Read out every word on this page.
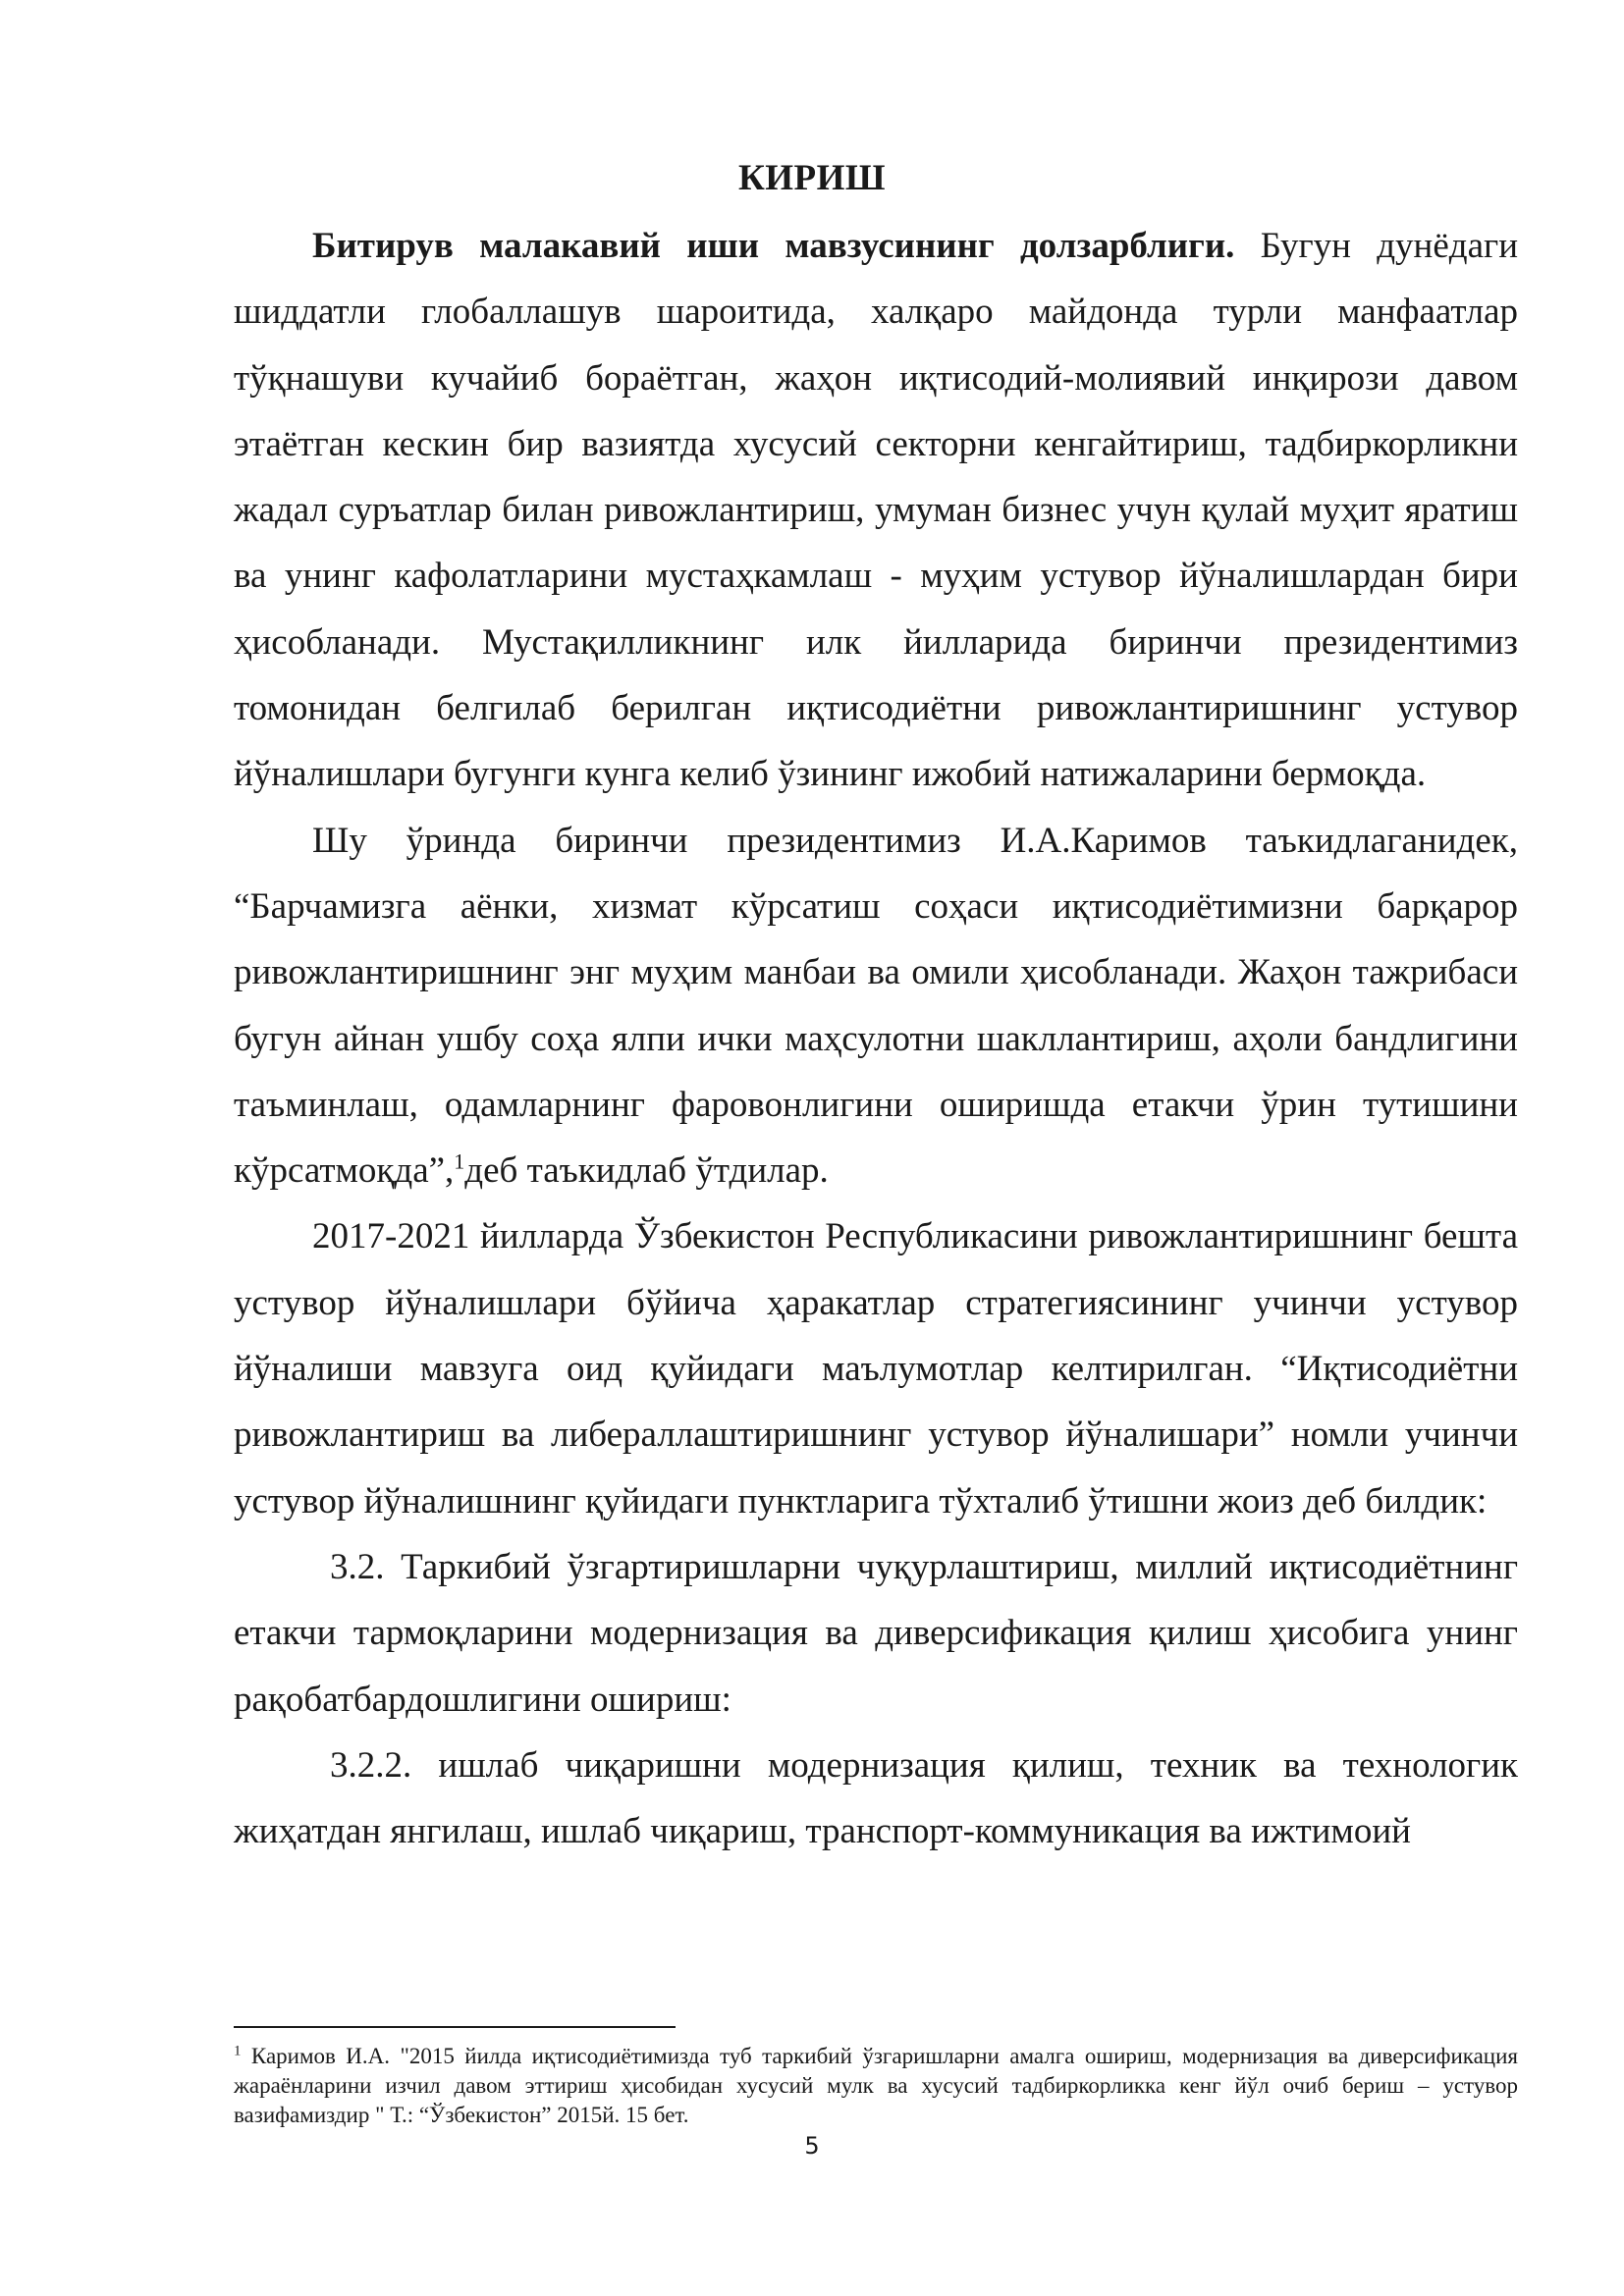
КИРИШ

Битирув малакавий иши мавзусининг долзарблиги. Бугун дунёдаги шиддатли глобаллашув шароитида, халқаро майдонда турли манфаатлар тўқнашуви кучайиб бораётган, жаҳон иқтисодий-молиявий инқирози давом этаётган кескин бир вазиятда хусусий секторни кенгайтириш, тадбиркорликни жадал суръатлар билан ривожлантириш, умуман бизнес учун қулай муҳит яратиш ва унинг кафолатларини мустаҳкамлаш - муҳим устувор йўналишлардан бири ҳисобланади. Мустақилликнинг илк йилларида биринчи президентимиз томонидан белгилаб берилган иқтисодиётни ривожлантиришнинг устувор йўналишлари бугунги кунга келиб ўзининг ижобий натижаларини бермоқда.

Шу ўринда биринчи президентимиз И.А.Каримов таъкидлаганидек, “Барчамизга аёнки, хизмат кўрсатиш соҳаси иқтисодиётимизни барқарор ривожлантиришнинг энг муҳим манбаи ва омили ҳисобланади. Жаҳон тажрибаси бугун айнан ушбу соҳа ялпи ички маҳсулотни шакллантириш, аҳоли бандлигини таъминлаш, одамларнинг фаровонлигини оширишда етакчи ўрин тутишини кўрсатмоқда”,$^1$деб таъкидлаб ўтдилар.

2017-2021 йилларда Ўзбекистон Республикасини ривожлантиришнинг бешта устувор йўналишлари бўйича ҳаракатлар стратегиясининг учинчи устувор йўналиши мавзуга оид қуйидаги маълумотлар келтирилган. “Иқтисодиётни ривожлантириш ва либераллаштиришнинг устувор йўналишари” номли учинчи устувор йўналишнинг қуйидаги пунктларига тўхталиб ўтишни жоиз деб билдик:

3.2. Таркибий ўзгартиришларни чуқурлаштириш, миллий иқтисодиётнинг етакчи тармоқларини модернизация ва диверсификация қилиш ҳисобига унинг рақобатбардошлигини ошириш:

3.2.2. ишлаб чиқаришни модернизация қилиш, техник ва технологик жиҳатдан янгилаш, ишлаб чиқариш, транспорт-коммуникация ва ижтимоий

$^1$ Каримов И.А. "2015 йилда иқтисодиётимизда туб таркибий ўзгаришларни амалга ошириш, модернизация ва диверсификация жараёнларини изчил давом эттириш ҳисобидан хусусий мулк ва хусусий тадбиркорликка кенг йўл очиб бериш – устувор вазифамиздир " Т.: “Ўзбекистон” 2015й. 15 бет.
5
